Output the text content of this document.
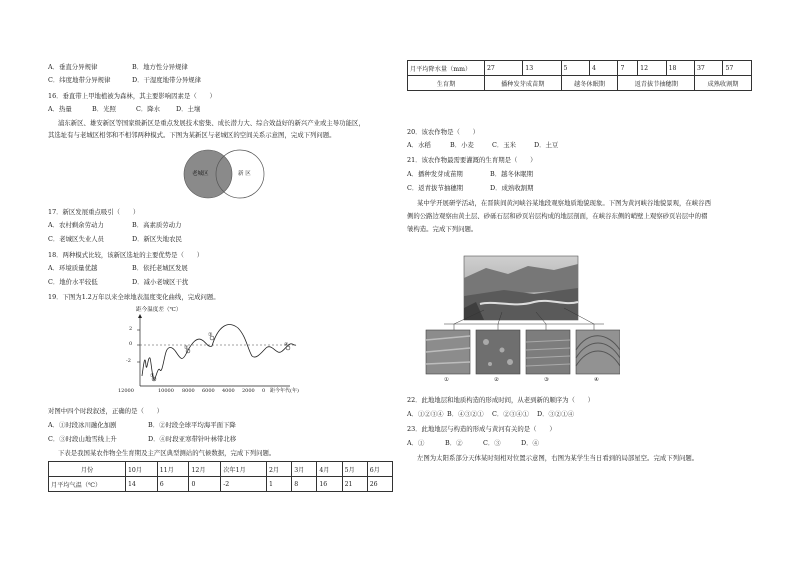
A．垂直分异规律	B．地方性分异规律
C．纬度地带分异规律	D．干湿度地带分异规律
16．垂直带上甲地植被为森林，其主要影响因素是（　　）
A．热量	B．光照	C．降水 D．土壤
浦东新区、雄安新区等国家级新区是重点发展技术密集、成长潜力大、综合效益好的新兴产业或主导功能区，
其选址有与老城区相邻和不相邻两种模式。下图为某新区与老城区的空间关系示意图，完成下列问题。
老城区	新 区
17．新区发展重点吸引（　　）
A．农村剩余劳动力	B．高素质劳动力
C．老城区失业人员	D．新区失地农民
18．两种模式比较，该新区选址的主要优势是（　　）
A．环境质量优越	B．依托老城区发展
C．地价水平较低	D．减小老城区干扰
19．下图为1.2万年以来全球地表温度变化曲线，完成问题。
距今温度差（℃）
2
0
-2
①
②
③
④
12000	10000 8000 6000 4000 2000 0 距今年代(年)
对图中四个时段叙述，正确的是（　　）
A．①时段冰川融化加剧	B．②时段全球平均海平面下降
C．③时段山地雪线上升	D．④时段亚寒带针叶林带北移
下表是我国某农作物全生育期及主产区典型测站的气候数据，完成下列问题。
月份	10月	11月	12月	次年1月	2月	3月	4月	5月	6月
月平均气温（℃）	14	6	0	-2	1	8	16	21	26
月平均降水量（mm）	27	13	5	4	7	12	18	37	57
生育期	播种发芽成苗期		越冬休眠期		返青拔节抽穗期			成熟收割期	
20．该农作物是（　　）
A．水稻	B．小麦	C．玉米	D．土豆
21．该农作物最需要灌溉的生育期是（　　）
A．播种发芽成苗期	B．越冬休眠期
C．返青拔节抽穗期	D．成熟收割期
某中学开展研学活动，在晋陕间黄河峡谷某地段观察地质地貌现象。下图为黄河峡谷地貌景观，在峡谷西
侧的公路边观察由黄土层、砂砾石层和砂页岩层构成的地层剖面，在峡谷东侧的峭壁上观察砂页岩层中的褶
皱构造。完成下列问题。
①	②	③	④
22．此地地层和地质构造的形成时间，从老到新的顺序为（　　）
A．①②③④ B．④③②① C．②③④① D．③②①④
23．此地地层与构造的形成与黄河有关的是（　　）
A．①	B．②	C．③	D．④
左图为太阳系部分天体某时刻相对位置示意图，右图为某学生当日看到的局部星空。完成下列问题。
